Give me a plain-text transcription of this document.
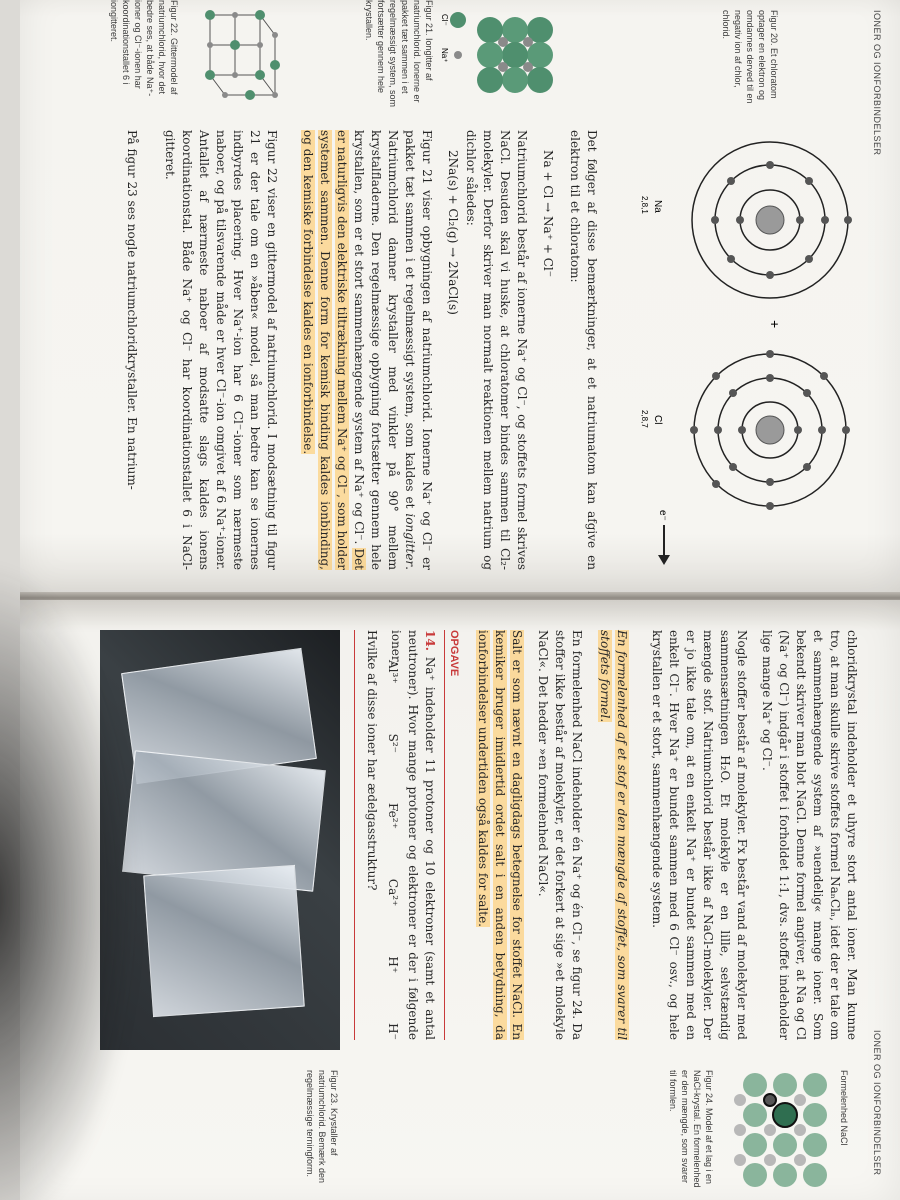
IONER OG IONFORBINDELSER
Na
2,8,1
+
Cl
2,8,7
e⁻
Figur 20. Et chloratom optager en elektron og omdannes derved til en negativ ion af chlor, chlorid.
Det følger af disse bemærkninger, at et natriumatom kan afgive en elektron til et chloratom:
Na + Cl → Na⁺ + Cl⁻
Natriumchlorid består af ionerne Na⁺ og Cl⁻, og stoffets formel skrives NaCl. Desuden skal vi huske, at chloratomer bindes sammen til Cl₂-molekyler. Derfor skriver man normalt reaktionen mellem natrium og dichlor således:
2Na(s) + Cl₂(g) → 2NaCl(s)
Figur 21 viser opbygningen af natriumchlorid. Ionerne Na⁺ og Cl⁻ er pakket tæt sammen i et regelmæssigt system, som kaldes et iongitter. Natriumchlorid danner krystaller med vinkler på 90° mellem krystalfladerne. Den regelmæssige opbygning fortsætter gennem hele krystallen, som er et stort sammenhængende system af Na⁺ og Cl⁻. Det er naturligvis den elektriske tiltrækning mellem Na⁺ og Cl⁻, som holder systemet sammen. Denne form for kemisk binding kaldes ionbinding, og den kemiske forbindelse kaldes en ionforbindelse.
Figur 22 viser en gittermodel af natriumchlorid. I modsætning til figur 21 er der tale om en »åben« model, så man bedre kan se ionernes indbyrdes placering. Hver Na⁺-ion har 6 Cl⁻-ioner som nærmeste naboer, og på tilsvarende måde er hver Cl⁻-ion omgivet af 6 Na⁺-ioner. Antallet af nærmeste naboer af modsatte slags kaldes ionens koordinationstal. Både Na⁺ og Cl⁻ har koordinationstallet 6 i NaCl-gitteret.
På figur 23 ses nogle natriumchloridkrystaller. En natrium-
Cl⁻
Na⁺
Figur 21. Iongitter af natriumchlorid. Ionerne er pakket tæt sammen i et regelmæssigt system, som fortsætter gennem hele krystallen.
Figur 22. Gittermodel af natriumchlorid, hvor det bedre ses, at både Na⁺-ioner og Cl⁻-ionen har koordinationstallet 6 i iongitteret.
IONER OG IONFORBINDELSER
chloridkrystal indeholder et uhyre stort antal ioner. Man kunne tro, at man skulle skrive stoffets formel NaₙClₙ, idet der er tale om et sammenhængende system af »uendelig« mange ioner. Som bekendt skriver man blot NaCl. Denne formel angiver, at Na og Cl (Na⁺ og Cl⁻) indgår i stoffet i forholdet 1:1, dvs. stoffet indeholder lige mange Na⁺ og Cl⁻.
Nogle stoffer består af molekyler. Fx består vand af molekyler med sammensætningen H₂O. Et molekyle er en lille, selvstændig mængde stof. Natriumchlorid består ikke af NaCl-molekyler. Der er jo ikke tale om, at en enkelt Na⁺ er bundet sammen med en enkelt Cl⁻. Hver Na⁺ er bundet sammen med 6 Cl⁻ osv., og hele krystallen er et stort, sammenhængende system.
En formelenhed af et stof er den mængde af stoffet, som svarer til stoffets formel.
En formelenhed NaCl indeholder én Na⁺ og én Cl⁻, se figur 24. Da stoffer ikke består af molekyler, er det forkert at sige »et molekyle NaCl«. Det hedder »en formelenhed NaCl«.
Salt er som nævnt en dagligdags betegnelse for stoffet NaCl. En kemiker bruger imidlertid ordet salt i en anden betydning, da ionforbindelser undertiden også kaldes for salte.
OPGAVE
14. Na⁺ indeholder 11 protoner og 10 elektroner (samt et antal neutroner). Hvor mange protoner og elektroner er der i følgende ioner:
Al³⁺
S²⁻
Fe²⁺
Ca²⁺
H⁺
H⁻
Hvilke af disse ioner har ædelgasstruktur?
Formelenhed NaCl
Figur 24. Model af et lag i en NaCl-krystal. En formelenhed er den mængde, som svarer til formlen.
Figur 23. Krystaller af natriumchlorid. Bemærk den regelmæssige terningform.
